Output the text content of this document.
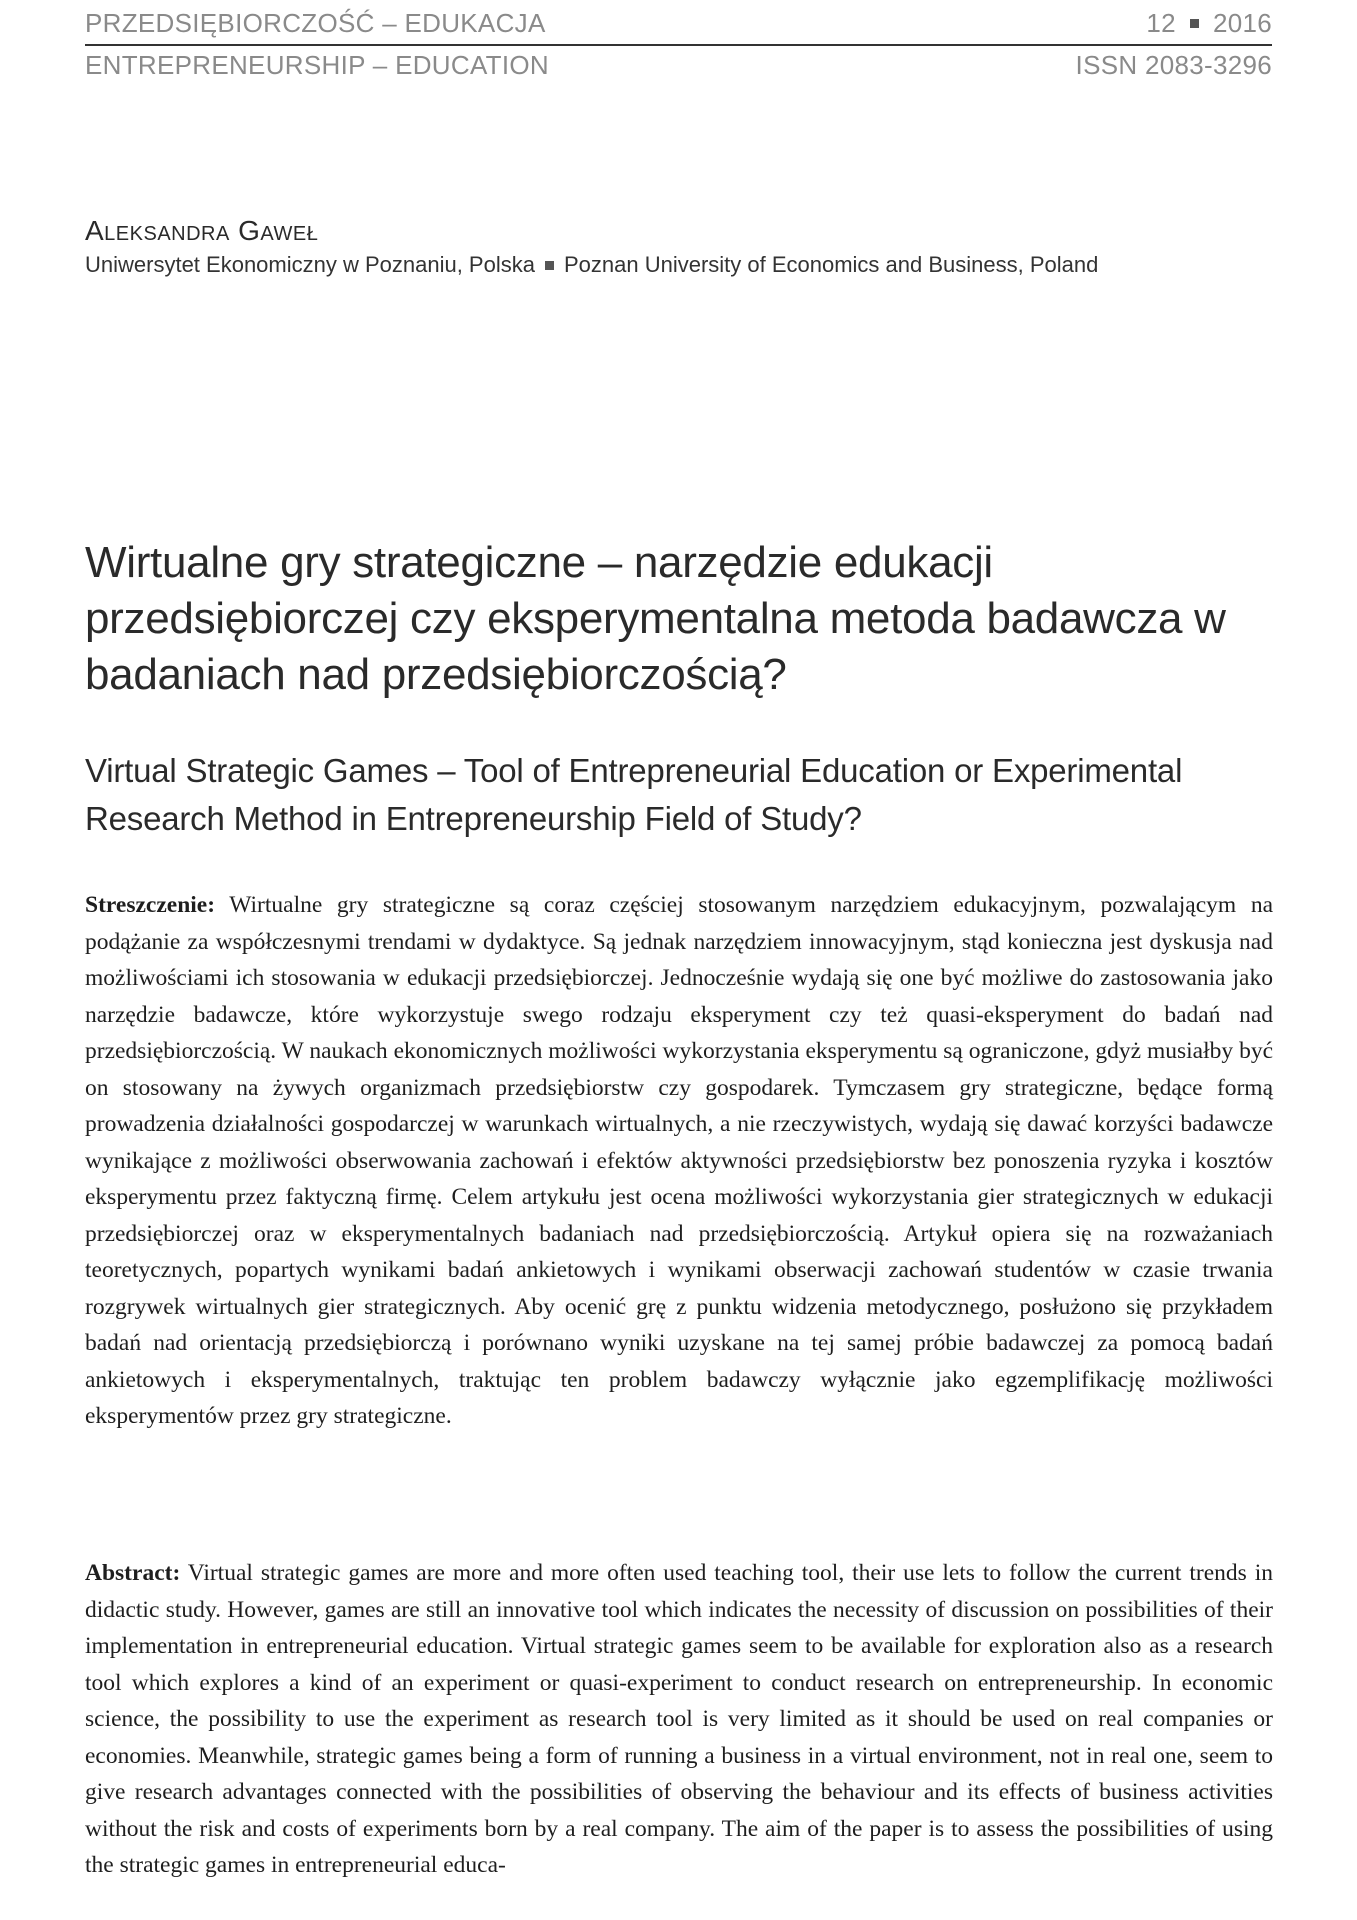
PRZEDSIĘBIORCZOŚĆ – EDUKACJA	12 2016
ENTREPRENEURSHIP – EDUCATION	ISSN 2083-3296
Aleksandra Gaweł
Uniwersytet Ekonomiczny w Poznaniu, Polska Poznan University of Economics and Business, Poland
Wirtualne gry strategiczne – narzędzie edukacji przedsiębiorczej czy eksperymentalna metoda badawcza w badaniach nad przedsiębiorczością?
Virtual Strategic Games – Tool of Entrepreneurial Education or Experimental Research Method in Entrepreneurship Field of Study?

Streszczenie: Wirtualne gry strategiczne są coraz częściej stosowanym narzędziem edukacyjnym, pozwalającym na podążanie za współczesnymi trendami w dydaktyce. Są jednak narzędziem innowacyjnym, stąd konieczna jest dyskusja nad możliwościami ich stosowania w edukacji przedsiębiorczej. Jednocześnie wydają się one być możliwe do zastosowania jako narzędzie badawcze, które wykorzystuje swego rodzaju eksperyment czy też quasi-eksperyment do badań nad przedsiębiorczością. W naukach ekonomicznych możliwości wykorzystania eksperymentu są ograniczone, gdyż musiałby być on stosowany na żywych organizmach przedsiębiorstw czy gospodarek. Tymczasem gry strategiczne, będące formą prowadzenia działalności gospodarczej w warunkach wirtualnych, a nie rzeczywistych, wydają się dawać korzyści badawcze wynikające z możliwości obserwowania zachowań i efektów aktywności przedsiębiorstw bez ponoszenia ryzyka i kosztów eksperymentu przez faktyczną firmę. Celem artykułu jest ocena możliwości wykorzystania gier strategicznych w edukacji przedsiębiorczej oraz w eksperymentalnych badaniach nad przedsiębiorczością. Artykuł opiera się na rozważaniach teoretycznych, popartych wynikami badań ankietowych i wynikami obserwacji zachowań studentów w czasie trwania rozgrywek wirtualnych gier strategicznych. Aby ocenić grę z punktu widzenia metodycznego, posłużono się przykładem badań nad orientacją przedsiębiorczą i porównano wyniki uzyskane na tej samej próbie badawczej za pomocą badań ankietowych i eksperymentalnych, traktując ten problem badawczy wyłącznie jako egzemplifikację możliwości eksperymentów przez gry strategiczne.

Abstract: Virtual strategic games are more and more often used teaching tool, their use lets to follow the current trends in didactic study. However, games are still an innovative tool which indicates the necessity of discussion on possibilities of their implementation in entrepreneurial education. Virtual strategic games seem to be available for exploration also as a research tool which explores a kind of an experiment or quasi-experiment to conduct research on entrepreneurship. In economic science, the possibility to use the experiment as research tool is very limited as it should be used on real companies or economies. Meanwhile, strategic games being a form of running a business in a virtual environment, not in real one, seem to give research advantages connected with the possibilities of observing the behaviour and its effects of business activities without the risk and costs of experiments born by a real company. The aim of the paper is to assess the possibilities of using the strategic games in entrepreneurial educa-
